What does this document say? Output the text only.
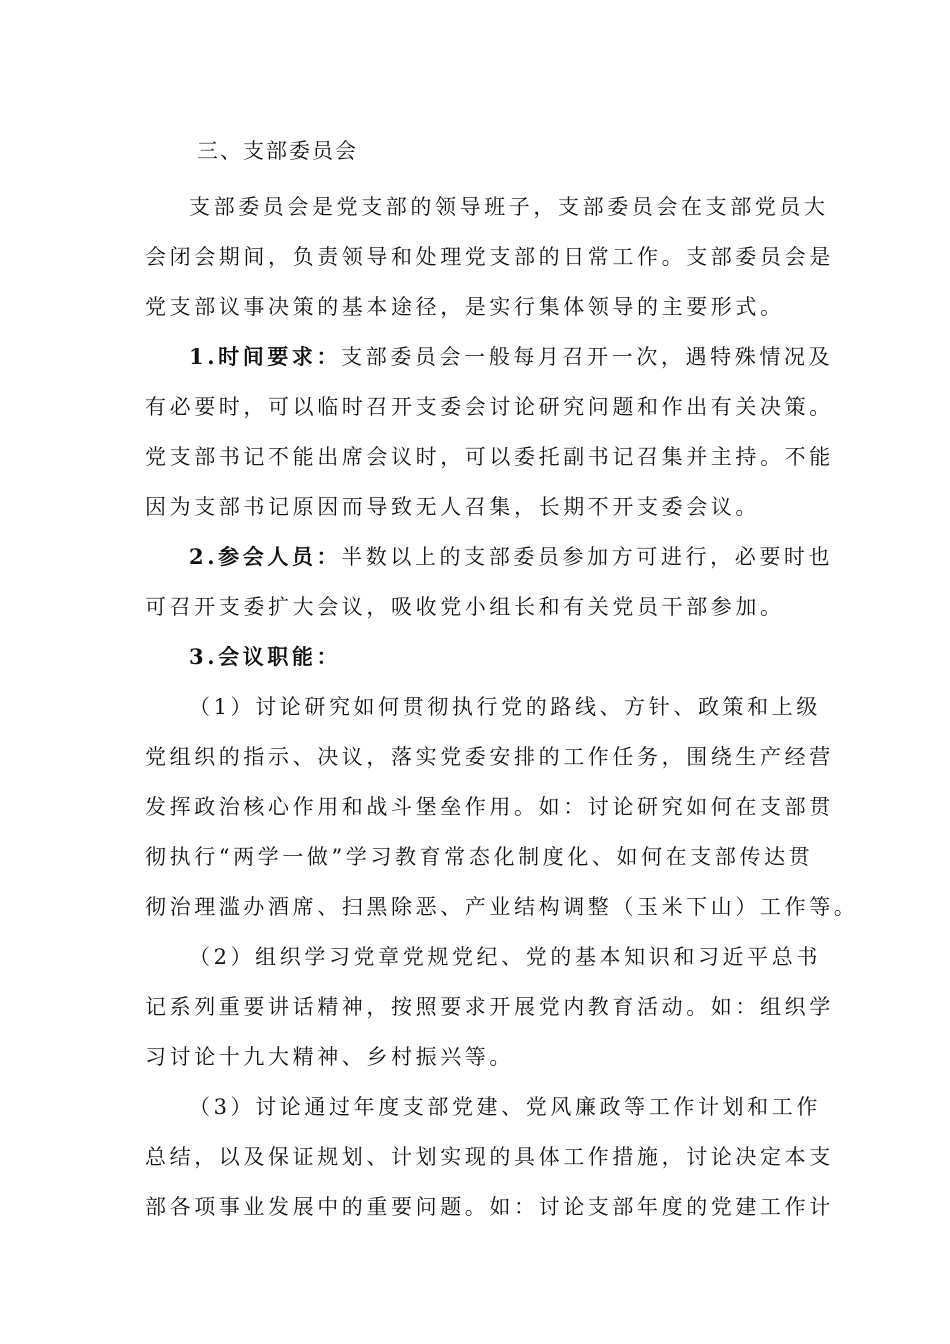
三、支部委员会
支部委员会是党支部的领导班子，支部委员会在支部党员大
会闭会期间，负责领导和处理党支部的日常工作。支部委员会是
党支部议事决策的基本途径，是实行集体领导的主要形式。
1.时间要求：支部委员会一般每月召开一次，遇特殊情况及
有必要时，可以临时召开支委会讨论研究问题和作出有关决策。
党支部书记不能出席会议时，可以委托副书记召集并主持。不能
因为支部书记原因而导致无人召集，长期不开支委会议。
2.参会人员：半数以上的支部委员参加方可进行，必要时也
可召开支委扩大会议，吸收党小组长和有关党员干部参加。
3.会议职能：
（1）讨论研究如何贯彻执行党的路线、方针、政策和上级
党组织的指示、决议，落实党委安排的工作任务，围绕生产经营
发挥政治核心作用和战斗堡垒作用。如：讨论研究如何在支部贯
彻执行“两学一做”学习教育常态化制度化、如何在支部传达贯
彻治理滥办酒席、扫黑除恶、产业结构调整（玉米下山）工作等。
（2）组织学习党章党规党纪、党的基本知识和习近平总书
记系列重要讲话精神，按照要求开展党内教育活动。如：组织学
习讨论十九大精神、乡村振兴等。
（3）讨论通过年度支部党建、党风廉政等工作计划和工作
总结，以及保证规划、计划实现的具体工作措施，讨论决定本支
部各项事业发展中的重要问题。如：讨论支部年度的党建工作计
